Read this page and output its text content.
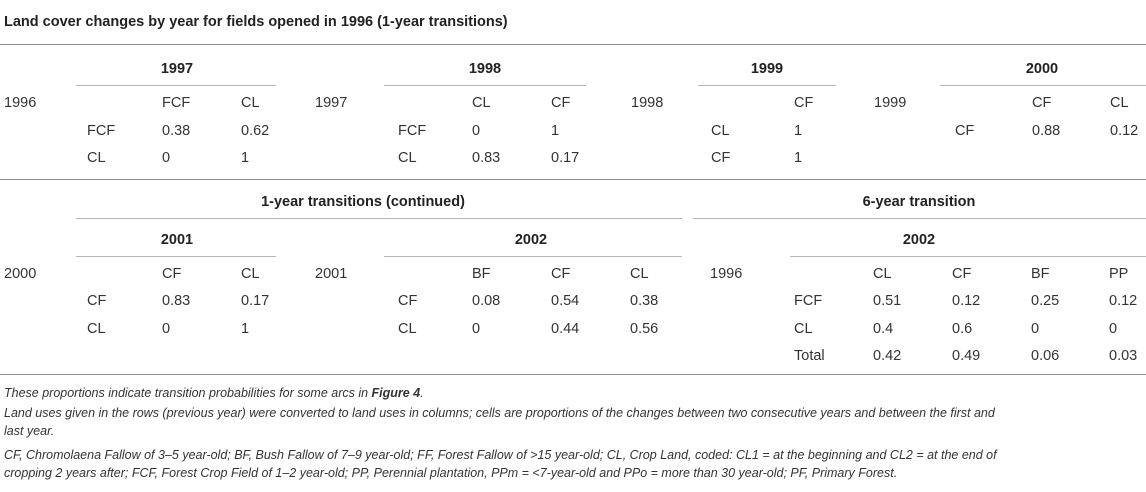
Land cover changes by year for fields opened in 1996 (1-year transitions)
1997
1996	FCF	CL
FCF	0.38	0.62
CL	0	1
1998
1997	CL	CF
FCF	0	1
CL	0.83	0.17
1999
1998	CF
CL	1
CF	1
2000
1999	CF	CL
CF	0.88	0.12
1-year transitions (continued)	6-year transition
2001
2000	CF	CL
CF	0.83	0.17
CL	0	1
2002
2001	BF	CF	CL
CF	0.08	0.54	0.38
CL	0	0.44	0.56
2002
1996	CL	CF	BF	PP
FCF	0.51	0.12	0.25	0.12
CL	0.4	0.6	0	0
Total	0.42	0.49	0.06	0.03
These proportions indicate transition probabilities for some arcs in Figure 4.
Land uses given in the rows (previous year) were converted to land uses in columns; cells are proportions of the changes between two consecutive years and between the first and
last year.
CF, Chromolaena Fallow of 3–5 year-old; BF, Bush Fallow of 7–9 year-old; FF, Forest Fallow of >15 year-old; CL, Crop Land, coded: CL1 = at the beginning and CL2 = at the end of
cropping 2 years after; FCF, Forest Crop Field of 1–2 year-old; PP, Perennial plantation, PPm = <7-year-old and PPo = more than 30 year-old; PF, Primary Forest.
